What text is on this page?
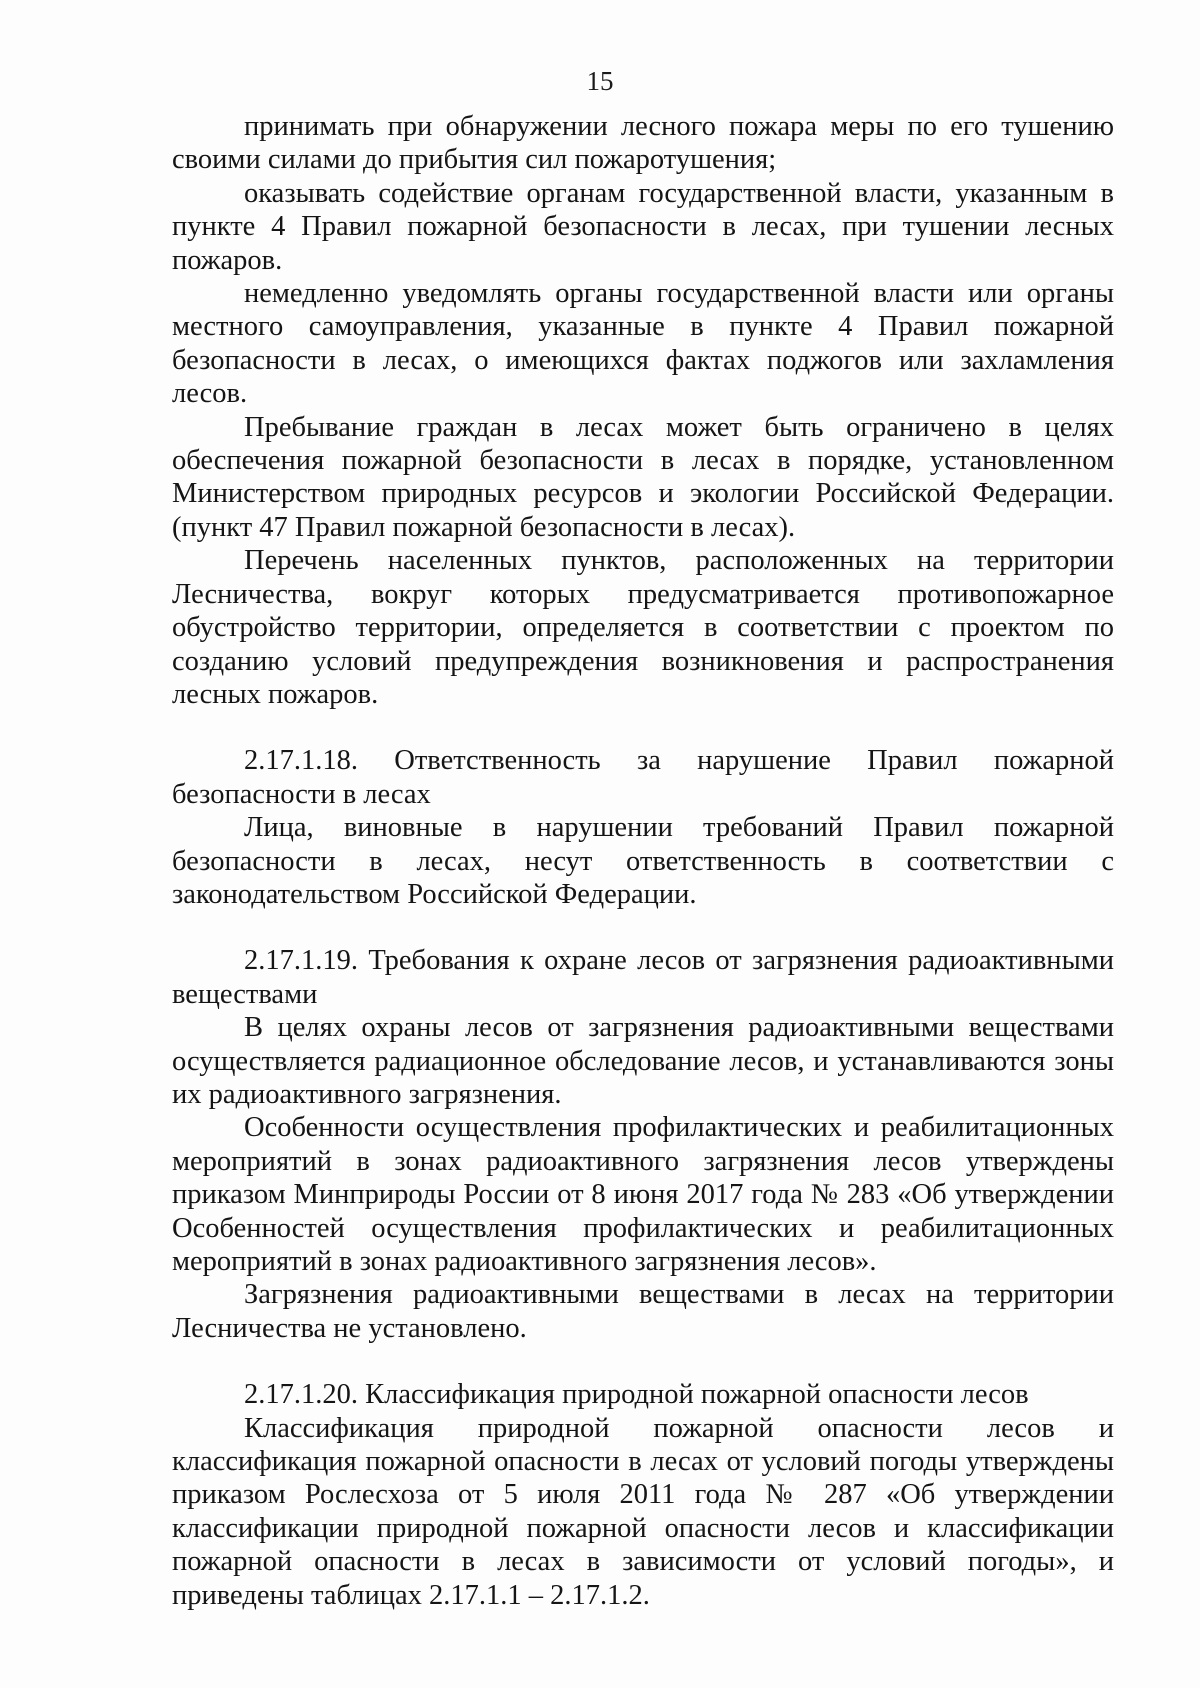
15

принимать при обнаружении лесного пожара меры по его тушению своими силами до прибытия сил пожаротушения;

оказывать содействие органам государственной власти, указанным в пункте 4 Правил пожарной безопасности в лесах, при тушении лесных пожаров.

немедленно уведомлять органы государственной власти или органы местного самоуправления, указанные в пункте 4 Правил пожарной безопасности в лесах, о имеющихся фактах поджогов или захламления лесов.

Пребывание граждан в лесах может быть ограничено в целях обеспечения пожарной безопасности в лесах в порядке, установленном Министерством природных ресурсов и экологии Российской Федерации. (пункт 47 Правил пожарной безопасности в лесах).

Перечень населенных пунктов, расположенных на территории Лесничества, вокруг которых предусматривается противопожарное обустройство территории, определяется в соответствии с проектом по созданию условий предупреждения возникновения и распространения лесных пожаров.

2.17.1.18. Ответственность за нарушение Правил пожарной безопасности в лесах

Лица, виновные в нарушении требований Правил пожарной безопасности в лесах, несут ответственность в соответствии с законодательством Российской Федерации.

2.17.1.19. Требования к охране лесов от загрязнения радиоактивными веществами

В целях охраны лесов от загрязнения радиоактивными веществами осуществляется радиационное обследование лесов, и устанавливаются зоны их радиоактивного загрязнения.

Особенности осуществления профилактических и реабилитационных мероприятий в зонах радиоактивного загрязнения лесов утверждены приказом Минприроды России от 8 июня 2017 года № 283 «Об утверждении Особенностей осуществления профилактических и реабилитационных мероприятий в зонах радиоактивного загрязнения лесов».

Загрязнения радиоактивными веществами в лесах на территории Лесничества не установлено.

2.17.1.20. Классификация природной пожарной опасности лесов

Классификация природной пожарной опасности лесов и классификация пожарной опасности в лесах от условий погоды утверждены приказом Рослесхоза от 5 июля 2011 года № 287 «Об утверждении классификации природной пожарной опасности лесов и классификации пожарной опасности в лесах в зависимости от условий погоды», и приведены таблицах 2.17.1.1 – 2.17.1.2.
